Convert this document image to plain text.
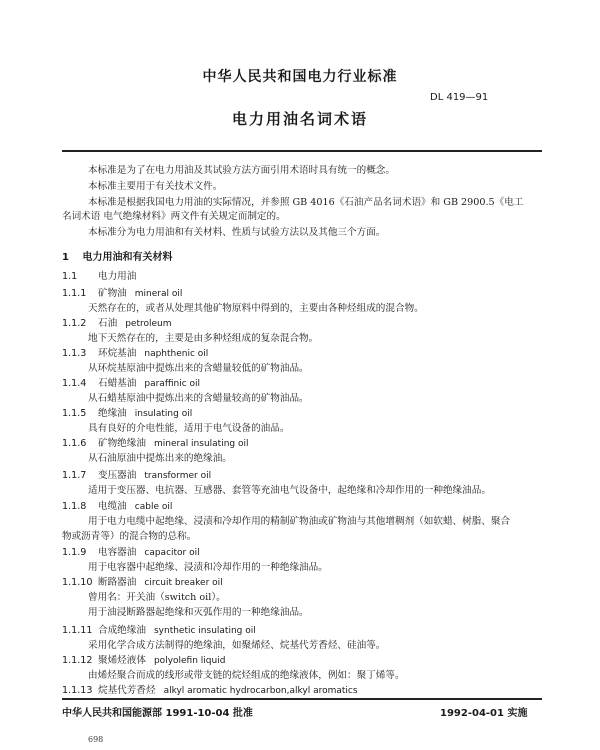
中华人民共和国电力行业标准
DL 419—91
电力用油名词术语
本标准是为了在电力用油及其试验方法方面引用术语时具有统一的概念。
本标准主要用于有关技术文件。
本标准是根据我国电力用油的实际情况，并参照 GB 4016《石油产品名词术语》和 GB 2900.5《电工
名词术语 电气绝缘材料》两文件有关规定而制定的。
本标准分为电力用油和有关材料、性质与试验方法以及其他三个方面。
1 电力用油和有关材料
1.1 电力用油
1.1.1 矿物油 mineral oil
天然存在的，或者从处理其他矿物原料中得到的，主要由各种烃组成的混合物。
1.1.2 石油 petroleum
地下天然存在的，主要是由多种烃组成的复杂混合物。
1.1.3 环烷基油 naphthenic oil
从环烷基原油中提炼出来的含蜡量较低的矿物油品。
1.1.4 石蜡基油 paraffinic oil
从石蜡基原油中提炼出来的含蜡量较高的矿物油品。
1.1.5 绝缘油 insulating oil
具有良好的介电性能，适用于电气设备的油品。
1.1.6 矿物绝缘油 mineral insulating oil
从石油原油中提炼出来的绝缘油。
1.1.7 变压器油 transformer oil
适用于变压器、电抗器、互感器、套管等充油电气设备中，起绝缘和冷却作用的一种绝缘油品。
1.1.8 电缆油 cable oil
用于电力电缆中起绝缘、浸渍和冷却作用的精制矿物油或矿物油与其他增稠剂（如软蜡、树脂、聚合
物或沥青等）的混合物的总称。
1.1.9 电容器油 capacitor oil
用于电容器中起绝缘、浸渍和冷却作用的一种绝缘油品。
1.1.10 断路器油 circuit breaker oil
曾用名：开关油（switch oil）。
用于油浸断路器起绝缘和灭弧作用的一种绝缘油品。
1.1.11 合成绝缘油 synthetic insulating oil
采用化学合成方法制得的绝缘油，如聚烯烃、烷基代芳香烃、硅油等。
1.1.12 聚烯烃液体 polyolefin liquid
由烯烃聚合而成的线形或带支链的烷烃组成的绝缘液体，例如：聚丁烯等。
1.1.13 烷基代芳香烃 alkyl aromatic hydrocarbon,alkyl aromatics
中华人民共和国能源部 1991-10-04 批准	1992-04-01 实施
698
